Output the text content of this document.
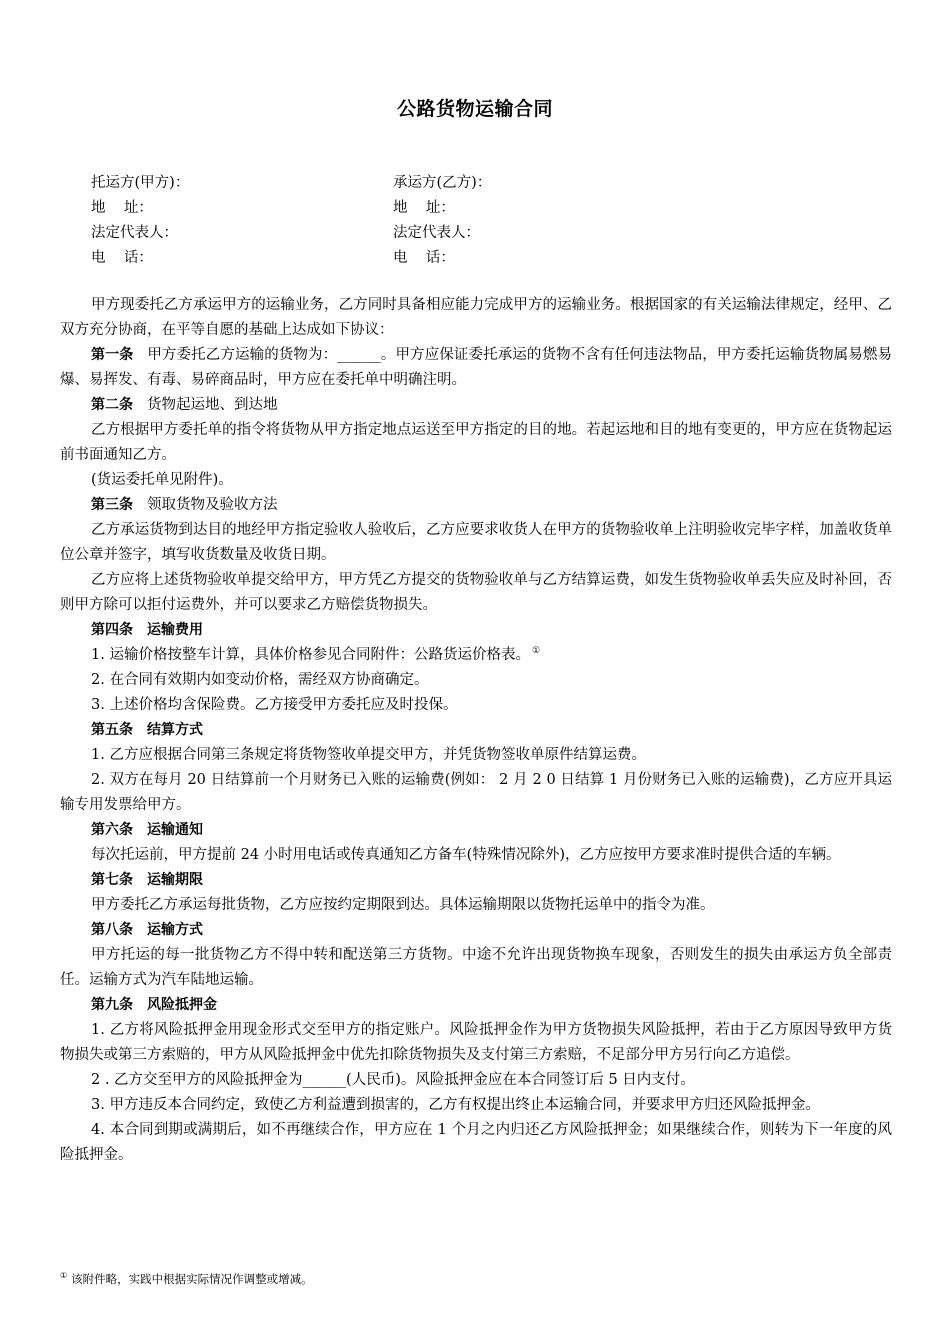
公路货物运输合同
托运方(甲方)：	承运方(乙方)：
地    址：	地    址：
法定代表人：	法定代表人：
电    话：	电    话：

甲方现委托乙方承运甲方的运输业务，乙方同时具备相应能力完成甲方的运输业务。根据国家的有关运输法律规定，经甲、乙双方充分协商，在平等自愿的基础上达成如下协议：

第一条 甲方委托乙方运输的货物为：______。甲方应保证委托承运的货物不含有任何违法物品，甲方委托运输货物属易燃易爆、易挥发、有毒、易碎商品时，甲方应在委托单中明确注明。

第二条 货物起运地、到达地

乙方根据甲方委托单的指令将货物从甲方指定地点运送至甲方指定的目的地。若起运地和目的地有变更的，甲方应在货物起运前书面通知乙方。

(货运委托单见附件)。

第三条 领取货物及验收方法

乙方承运货物到达目的地经甲方指定验收人验收后，乙方应要求收货人在甲方的货物验收单上注明验收完毕字样，加盖收货单位公章并签字，填写收货数量及收货日期。

乙方应将上述货物验收单提交给甲方，甲方凭乙方提交的货物验收单与乙方结算运费，如发生货物验收单丢失应及时补回，否则甲方除可以拒付运费外，并可以要求乙方赔偿货物损失。

第四条 运输费用

1. 运输价格按整车计算，具体价格参见合同附件：公路货运价格表。 ①

2. 在合同有效期内如变动价格，需经双方协商确定。

3. 上述价格均含保险费。乙方接受甲方委托应及时投保。

第五条 结算方式

1. 乙方应根据合同第三条规定将货物签收单提交甲方，并凭货物签收单原件结算运费。

2. 双方在每月 20 日结算前一个月财务已入账的运输费(例如： 2 月 2 0 日结算 1 月份财务已入账的运输费)，乙方应开具运输专用发票给甲方。

第六条 运输通知

每次托运前，甲方提前 24 小时用电话或传真通知乙方备车(特殊情况除外)，乙方应按甲方要求准时提供合适的车辆。

第七条 运输期限

甲方委托乙方承运每批货物，乙方应按约定期限到达。具体运输期限以货物托运单中的指令为准。

第八条 运输方式

甲方托运的每一批货物乙方不得中转和配送第三方货物。中途不允许出现货物换车现象，否则发生的损失由承运方负全部责任。运输方式为汽车陆地运输。

第九条 风险抵押金

1. 乙方将风险抵押金用现金形式交至甲方的指定账户。风险抵押金作为甲方货物损失风险抵押，若由于乙方原因导致甲方货物损失或第三方索赔的，甲方从风险抵押金中优先扣除货物损失及支付第三方索赔，不足部分甲方另行向乙方追偿。

2 . 乙方交至甲方的风险抵押金为______(人民币)。风险抵押金应在本合同签订后 5 日内支付。

3. 甲方违反本合同约定，致使乙方利益遭到损害的，乙方有权提出终止本运输合同，并要求甲方归还风险抵押金。

4. 本合同到期或满期后，如不再继续合作，甲方应在 1 个月之内归还乙方风险抵押金；如果继续合作，则转为下一年度的风险抵押金。

① 该附件略，实践中根据实际情况作调整或增减。
